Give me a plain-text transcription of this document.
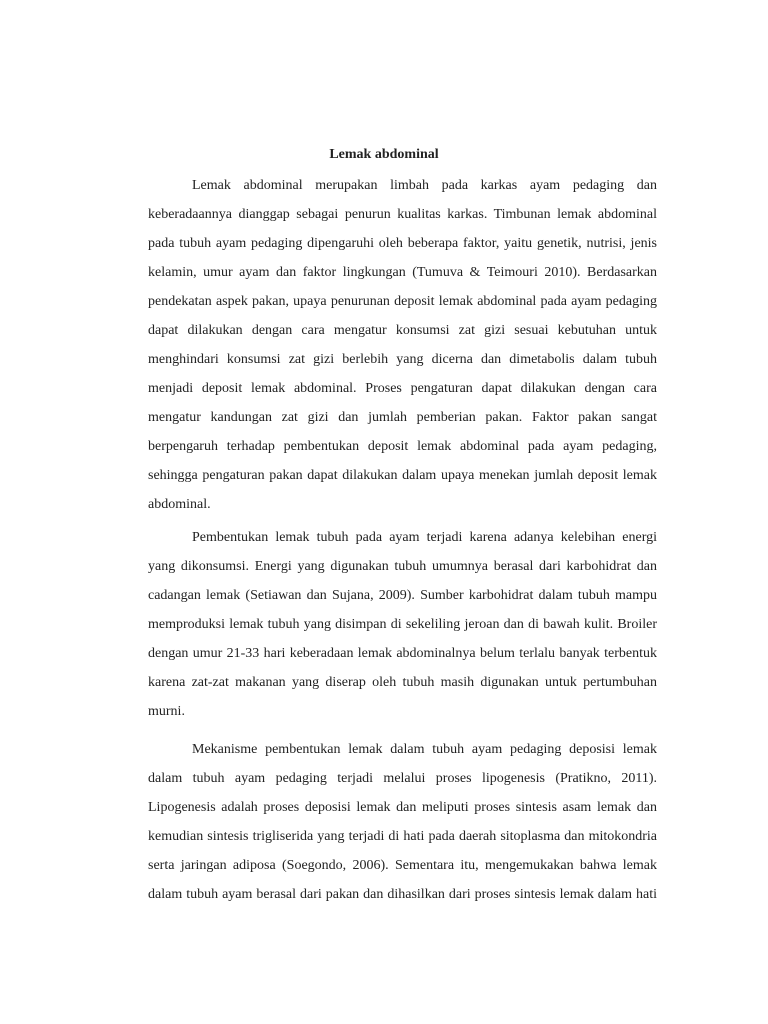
Lemak abdominal
Lemak abdominal merupakan limbah pada karkas ayam pedaging dan
keberadaannya dianggap sebagai penurun kualitas karkas. Timbunan lemak abdominal
pada tubuh ayam pedaging dipengaruhi oleh beberapa faktor, yaitu genetik, nutrisi, jenis
kelamin, umur ayam dan faktor lingkungan (Tumuva & Teimouri 2010). Berdasarkan
pendekatan aspek pakan, upaya penurunan deposit lemak abdominal pada ayam pedaging
dapat dilakukan dengan cara mengatur konsumsi zat gizi sesuai kebutuhan untuk
menghindari konsumsi zat gizi berlebih yang dicerna dan dimetabolis dalam tubuh
menjadi deposit lemak abdominal. Proses pengaturan dapat dilakukan dengan cara
mengatur kandungan zat gizi dan jumlah pemberian pakan. Faktor pakan sangat
berpengaruh terhadap pembentukan deposit lemak abdominal pada ayam pedaging,
sehingga pengaturan pakan dapat dilakukan dalam upaya menekan jumlah deposit lemak
abdominal.
Pembentukan lemak tubuh pada ayam terjadi karena adanya kelebihan energi
yang dikonsumsi. Energi yang digunakan tubuh umumnya berasal dari karbohidrat dan
cadangan lemak (Setiawan dan Sujana, 2009). Sumber karbohidrat dalam tubuh mampu
memproduksi lemak tubuh yang disimpan di sekeliling jeroan dan di bawah kulit. Broiler
dengan umur 21-33 hari keberadaan lemak abdominalnya belum terlalu banyak terbentuk
karena zat-zat makanan yang diserap oleh tubuh masih digunakan untuk pertumbuhan
murni.
Mekanisme pembentukan lemak dalam tubuh ayam pedaging deposisi lemak
dalam tubuh ayam pedaging terjadi melalui proses lipogenesis (Pratikno, 2011).
Lipogenesis adalah proses deposisi lemak dan meliputi proses sintesis asam lemak dan
kemudian sintesis trigliserida yang terjadi di hati pada daerah sitoplasma dan mitokondria
serta jaringan adiposa (Soegondo, 2006). Sementara itu, mengemukakan bahwa lemak
dalam tubuh ayam berasal dari pakan dan dihasilkan dari proses sintesis lemak dalam hati
